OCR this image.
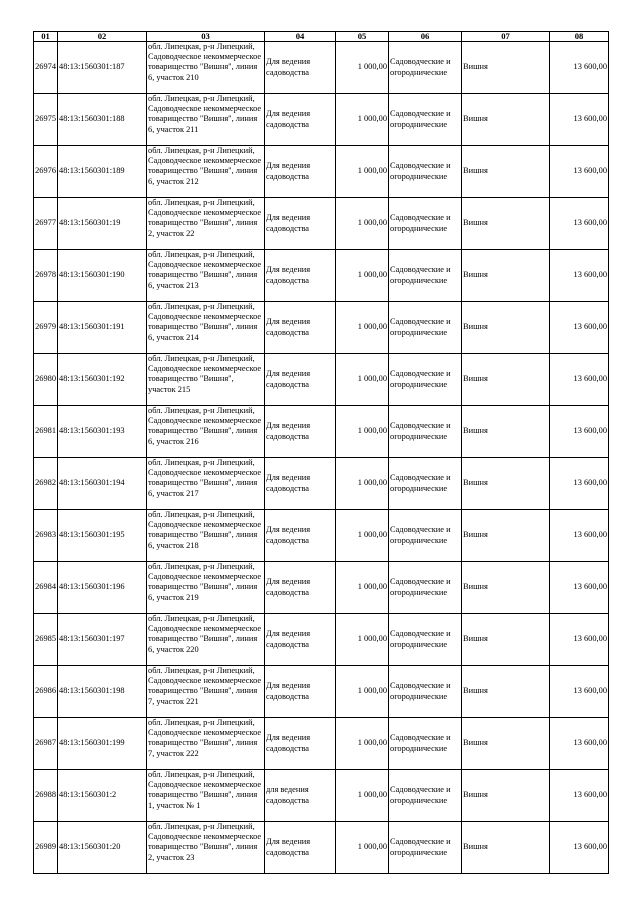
01	02	03	04	05	06	07	08
26974	48:13:1560301:187	обл. Липецкая, р-н Липецкий, Садоводческое некоммерческое товарищество "Вишня", линия 6, участок 210	Для ведения садоводства	1 000,00	Садоводческие и огороднические	Вишня	13 600,00
26975	48:13:1560301:188	обл. Липецкая, р-н Липецкий, Садоводческое некоммерческое товарищество "Вишня", линия 6, участок 211	Для ведения садоводства	1 000,00	Садоводческие и огороднические	Вишня	13 600,00
26976	48:13:1560301:189	обл. Липецкая, р-н Липецкий, Садоводческое некоммерческое товарищество "Вишня", линия 6, участок 212	Для ведения садоводства	1 000,00	Садоводческие и огороднические	Вишня	13 600,00
26977	48:13:1560301:19	обл. Липецкая, р-н Липецкий, Садоводческое некоммерческое товарищество "Вишня", линия 2, участок 22	Для ведения садоводства	1 000,00	Садоводческие и огороднические	Вишня	13 600,00
26978	48:13:1560301:190	обл. Липецкая, р-н Липецкий, Садоводческое некоммерческое товарищество "Вишня", линия 6, участок 213	Для ведения садоводства	1 000,00	Садоводческие и огороднические	Вишня	13 600,00
26979	48:13:1560301:191	обл. Липецкая, р-н Липецкий, Садоводческое некоммерческое товарищество "Вишня", линия 6, участок 214	Для ведения садоводства	1 000,00	Садоводческие и огороднические	Вишня	13 600,00
26980	48:13:1560301:192	обл. Липецкая, р-н Липецкий, Садоводческое некоммерческое товарищество "Вишня", участок 215	Для ведения садоводства	1 000,00	Садоводческие и огороднические	Вишня	13 600,00
26981	48:13:1560301:193	обл. Липецкая, р-н Липецкий, Садоводческое некоммерческое товарищество "Вишня", линия 6, участок 216	Для ведения садоводства	1 000,00	Садоводческие и огороднические	Вишня	13 600,00
26982	48:13:1560301:194	обл. Липецкая, р-н Липецкий, Садоводческое некоммерческое товарищество "Вишня", линия 6, участок 217	Для ведения садоводства	1 000,00	Садоводческие и огороднические	Вишня	13 600,00
26983	48:13:1560301:195	обл. Липецкая, р-н Липецкий, Садоводческое некоммерческое товарищество "Вишня", линия 6, участок 218	Для ведения садоводства	1 000,00	Садоводческие и огороднические	Вишня	13 600,00
26984	48:13:1560301:196	обл. Липецкая, р-н Липецкий, Садоводческое некоммерческое товарищество "Вишня", линия 6, участок 219	Для ведения садоводства	1 000,00	Садоводческие и огороднические	Вишня	13 600,00
26985	48:13:1560301:197	обл. Липецкая, р-н Липецкий, Садоводческое некоммерческое товарищество "Вишня", линия 6, участок 220	Для ведения садоводства	1 000,00	Садоводческие и огороднические	Вишня	13 600,00
26986	48:13:1560301:198	обл. Липецкая, р-н Липецкий, Садоводческое некоммерческое товарищество "Вишня", линия 7, участок 221	Для ведения садоводства	1 000,00	Садоводческие и огороднические	Вишня	13 600,00
26987	48:13:1560301:199	обл. Липецкая, р-н Липецкий, Садоводческое некоммерческое товарищество "Вишня", линия 7, участок 222	Для ведения садоводства	1 000,00	Садоводческие и огороднические	Вишня	13 600,00
26988	48:13:1560301:2	обл. Липецкая, р-н Липецкий, Садоводческое некоммерческое товарищество "Вишня", линия 1, участок № 1	для ведения садоводства	1 000,00	Садоводческие и огороднические	Вишня	13 600,00
26989	48:13:1560301:20	обл. Липецкая, р-н Липецкий, Садоводческое некоммерческое товарищество "Вишня", линия 2, участок 23	Для ведения садоводства	1 000,00	Садоводческие и огороднические	Вишня	13 600,00
